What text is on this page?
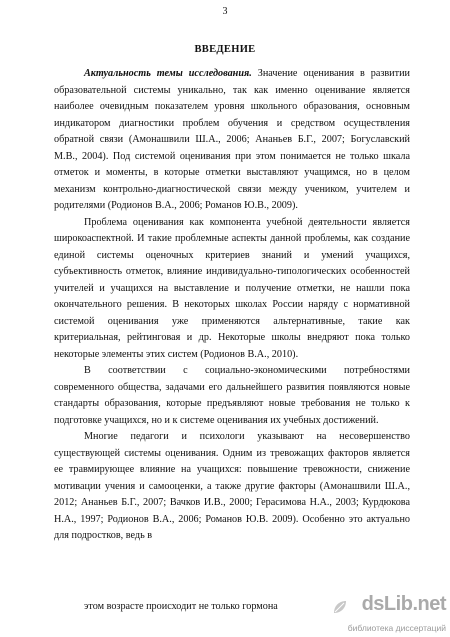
3
ВВЕДЕНИЕ

Актуальность темы исследования. Значение оценивания в развитии образовательной системы уникально, так как именно оценивание является наиболее очевидным показателем уровня школьного образования, основным индикатором диагностики проблем обучения и средством осуществления обратной связи (Амонашвили Ш.А., 2006; Ананьев Б.Г., 2007; Богуславский М.В., 2004). Под системой оценивания при этом понимается не только шкала отметок и моменты, в которые отметки выставляют учащимся, но в целом механизм контрольно-диагностической связи между учеником, учителем и родителями (Родионов В.А., 2006; Романов Ю.В., 2009).

Проблема оценивания как компонента учебной деятельности является широкоаспектной. И такие проблемные аспекты данной проблемы, как создание единой системы оценочных критериев знаний и умений учащихся, субъективность отметок, влияние индивидуально-типологических особенностей учителей и учащихся на выставление и получение отметки, не нашли пока окончательного решения. В некоторых школах России наряду с нормативной системой оценивания уже применяются альтернативные, такие как критериальная, рейтинговая и др. Некоторые школы внедряют пока только некоторые элементы этих систем (Родионов В.А., 2010).

В соответствии с социально-экономическими потребностями современного общества, задачами его дальнейшего развития появляются новые стандарты образования, которые предъявляют новые требования не только к подготовке учащихся, но и к системе оценивания их учебных достижений.

Многие педагоги и психологи указывают на несовершенство существующей системы оценивания. Одним из тревожащих факторов является ее травмирующее влияние на учащихся: повышение тревожности, снижение мотивации учения и самооценки, а также другие факторы (Амонашвили Ш.А., 2012; Ананьев Б.Г., 2007; Вачков И.В., 2000; Герасимова Н.А., 2003; Курдюкова Н.А., 1997; Родионов В.А., 2006; Романов Ю.В. 2009). Особенно это актуально для подростков, ведь в

этом возрасте происходит не только гормона	dsLib.net
библиотека диссертаций
